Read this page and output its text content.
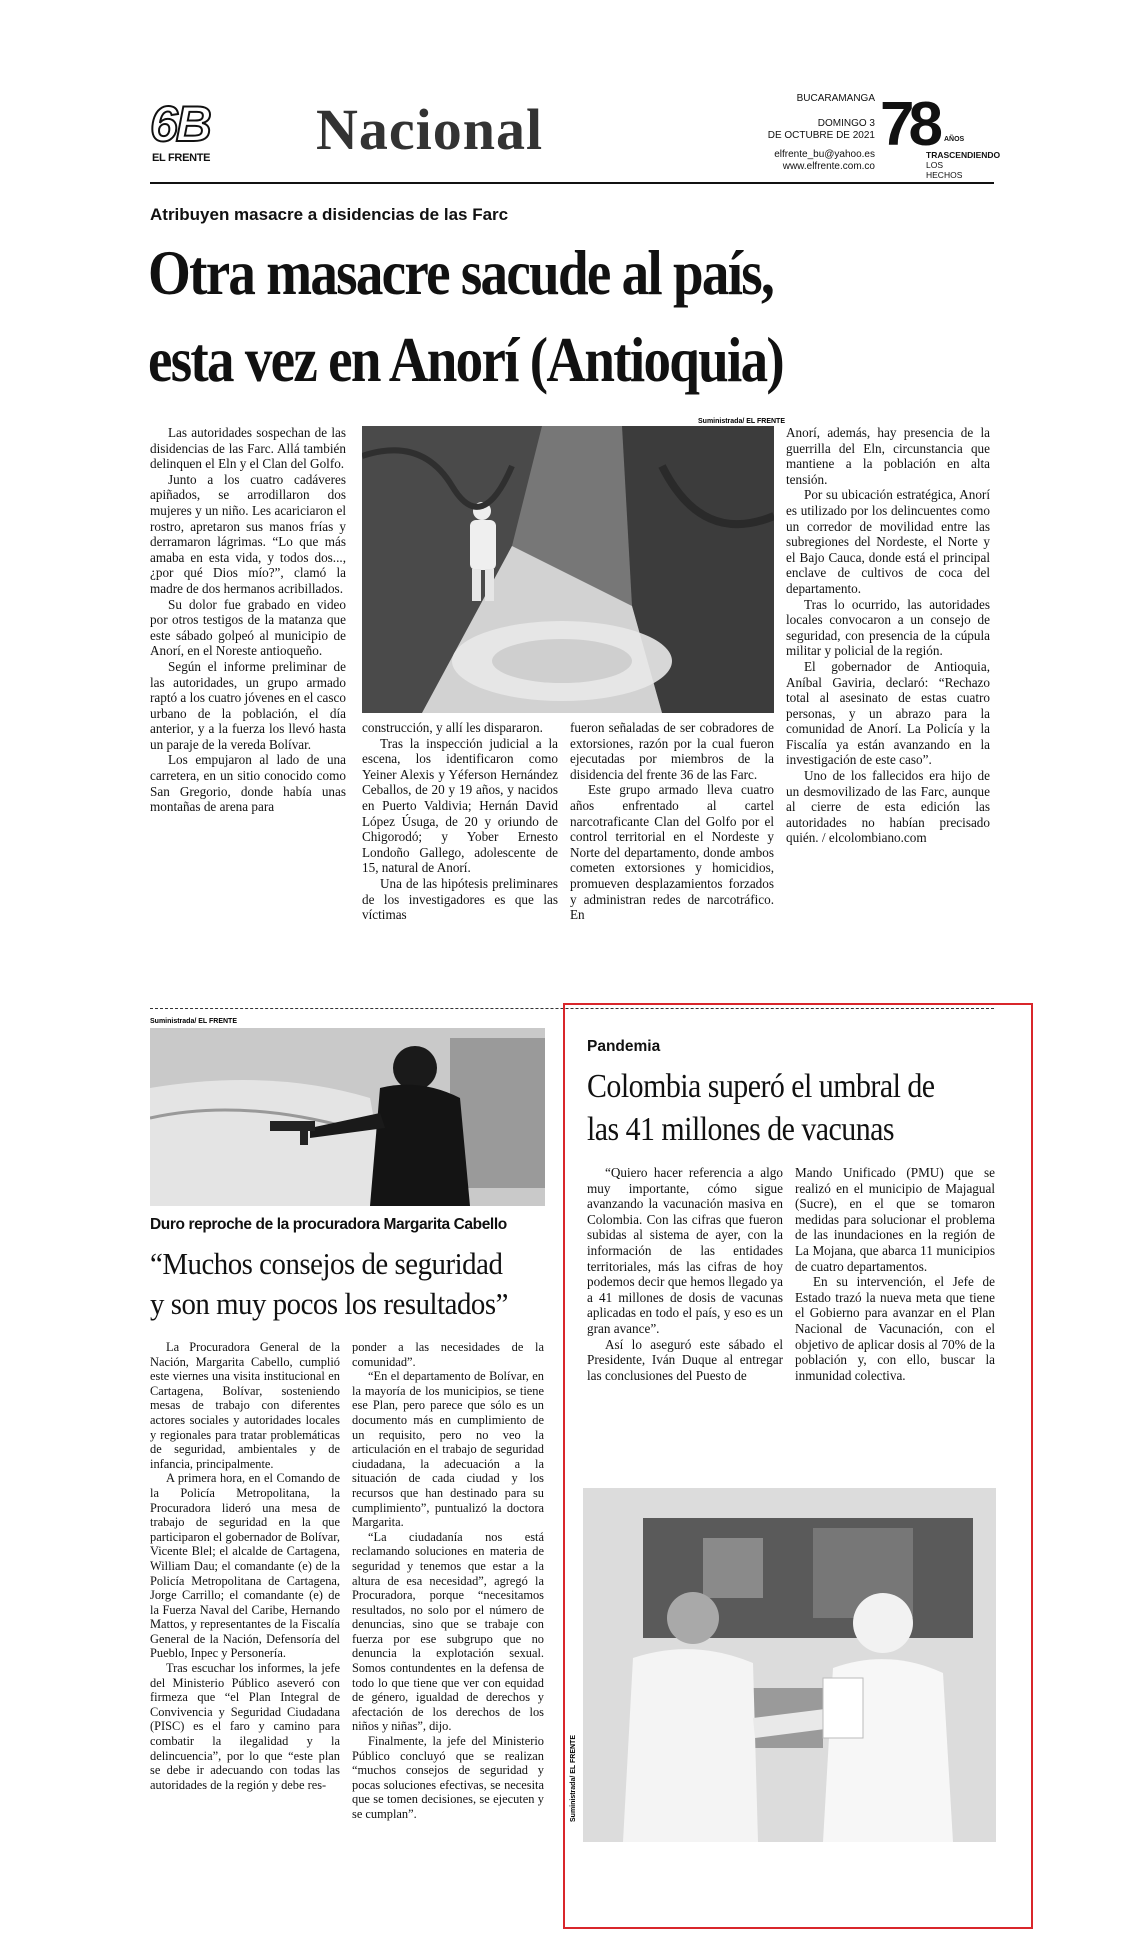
6B
EL FRENTE Nacional	BUCARAMANGA
DOMINGO 3
DE OCTUBRE DE 2021
elfrente_bu@yahoo.es
www.elfrente.com.co
78 AÑOS
TRASCENDIENDO
LOS HECHOS
Atribuyen masacre a disidencias de las Farc
Otra masacre sacude al país,
esta vez en Anorí (Antioquia)
Suministrada/ EL FRENTE

Las autoridades sospechan de las disidencias de las Farc. Allá también delinquen el Eln y el Clan del Golfo.

Junto a los cuatro cadáveres apiñados, se arrodillaron dos mujeres y un niño. Les acariciaron el rostro, apretaron sus manos frías y derramaron lágrimas. “Lo que más amaba en esta vida, y todos dos..., ¿por qué Dios mío?”, clamó la madre de dos hermanos acribillados.

Su dolor fue grabado en video por otros testigos de la matanza que este sábado golpeó al municipio de Anorí, en el Noreste antioqueño.

Según el informe preliminar de las autoridades, un grupo armado raptó a los cuatro jóvenes en el casco urbano de la población, el día anterior, y a la fuerza los llevó hasta un paraje de la vereda Bolívar.

Los empujaron al lado de una carretera, en un sitio conocido como San Gregorio, donde había unas montañas de arena para

construcción, y allí les dispararon.

Tras la inspección judicial a la escena, los identificaron como Yeiner Alexis y Yéferson Hernández Ceballos, de 20 y 19 años, y nacidos en Puerto Valdivia; Hernán David López Úsuga, de 20 y oriundo de Chigorodó; y Yober Ernesto Londoño Gallego, adolescente de 15, natural de Anorí.

Una de las hipótesis preliminares de los investigadores es que las víctimas

fueron señaladas de ser cobradores de extorsiones, razón por la cual fueron ejecutadas por miembros de la disidencia del frente 36 de las Farc.

Este grupo armado lleva cuatro años enfrentado al cartel narcotraficante Clan del Golfo por el control territorial en el Nordeste y Norte del departamento, donde ambos cometen extorsiones y homicidios, promueven desplazamientos forzados y administran redes de narcotráfico. En

Anorí, además, hay presencia de la guerrilla del Eln, circunstancia que mantiene a la población en alta tensión.

Por su ubicación estratégica, Anorí es utilizado por los delincuentes como un corredor de movilidad entre las subregiones del Nordeste, el Norte y el Bajo Cauca, donde está el principal enclave de cultivos de coca del departamento.

Tras lo ocurrido, las autoridades locales convocaron a un consejo de seguridad, con presencia de la cúpula militar y policial de la región.

El gobernador de Antioquia, Aníbal Gaviria, declaró: “Rechazo total al asesinato de estas cuatro personas, y un abrazo para la comunidad de Anorí. La Policía y la Fiscalía ya están avanzando en la investigación de este caso”.

Uno de los fallecidos era hijo de un desmovilizado de las Farc, aunque al cierre de esta edición las autoridades no habían precisado quién. / elcolombiano.com

Suministrada/ EL FRENTE
Duro reproche de la procuradora Margarita Cabello
“Muchos consejos de seguridad
y son muy pocos los resultados”

La Procuradora General de la Nación, Margarita Cabello, cumplió este viernes una visita institucional en Cartagena, Bolívar, sosteniendo mesas de trabajo con diferentes actores sociales y autoridades locales y regionales para tratar problemáticas de seguridad, ambientales y de infancia, principalmente.

A primera hora, en el Comando de la Policía Metropolitana, la Procuradora lideró una mesa de trabajo de seguridad en la que participaron el gobernador de Bolívar, Vicente Blel; el alcalde de Cartagena, William Dau; el comandante (e) de la Policía Metropolitana de Cartagena, Jorge Carrillo; el comandante (e) de la Fuerza Naval del Caribe, Hernando Mattos, y representantes de la Fiscalía General de la Nación, Defensoría del Pueblo, Inpec y Personería.

Tras escuchar los informes, la jefe del Ministerio Público aseveró con firmeza que “el Plan Integral de Convivencia y Seguridad Ciudadana (PISC) es el faro y camino para combatir la ilegalidad y la delincuencia”, por lo que “este plan se debe ir adecuando con todas las autoridades de la región y debe res-

ponder a las necesidades de la comunidad”.

“En el departamento de Bolívar, en la mayoría de los municipios, se tiene ese Plan, pero parece que sólo es un documento más en cumplimiento de un requisito, pero no veo la articulación en el trabajo de seguridad ciudadana, la adecuación a la situación de cada ciudad y los recursos que han destinado para su cumplimiento”, puntualizó la doctora Margarita.

“La ciudadanía nos está reclamando soluciones en materia de seguridad y tenemos que estar a la altura de esa necesidad”, agregó la Procuradora, porque “necesitamos resultados, no solo por el número de denuncias, sino que se trabaje con fuerza por ese subgrupo que no denuncia la explotación sexual. Somos contundentes en la defensa de todo lo que tiene que ver con equidad de género, igualdad de derechos y afectación de los derechos de los niños y niñas”, dijo.

Finalmente, la jefe del Ministerio Público concluyó que se realizan “muchos consejos de seguridad y pocas soluciones efectivas, se necesita que se tomen decisiones, se ejecuten y se cumplan”.

Pandemia
Colombia superó el umbral de
las 41 millones de vacunas

“Quiero hacer referencia a algo muy importante, cómo sigue avanzando la vacunación masiva en Colombia. Con las cifras que fueron subidas al sistema de ayer, con la información de las entidades territoriales, más las cifras de hoy podemos decir que hemos llegado ya a 41 millones de dosis de vacunas aplicadas en todo el país, y eso es un gran avance”.

Así lo aseguró este sábado el Presidente, Iván Duque al entregar las conclusiones del Puesto de

Mando Unificado (PMU) que se realizó en el municipio de Majagual (Sucre), en el que se tomaron medidas para solucionar el problema de las inundaciones en la región de La Mojana, que abarca 11 municipios de cuatro departamentos.

En su intervención, el Jefe de Estado trazó la nueva meta que tiene el Gobierno para avanzar en el Plan Nacional de Vacunación, con el objetivo de aplicar dosis al 70% de la población y, con ello, buscar la inmunidad colectiva.

Suministrada/ EL FRENTE
